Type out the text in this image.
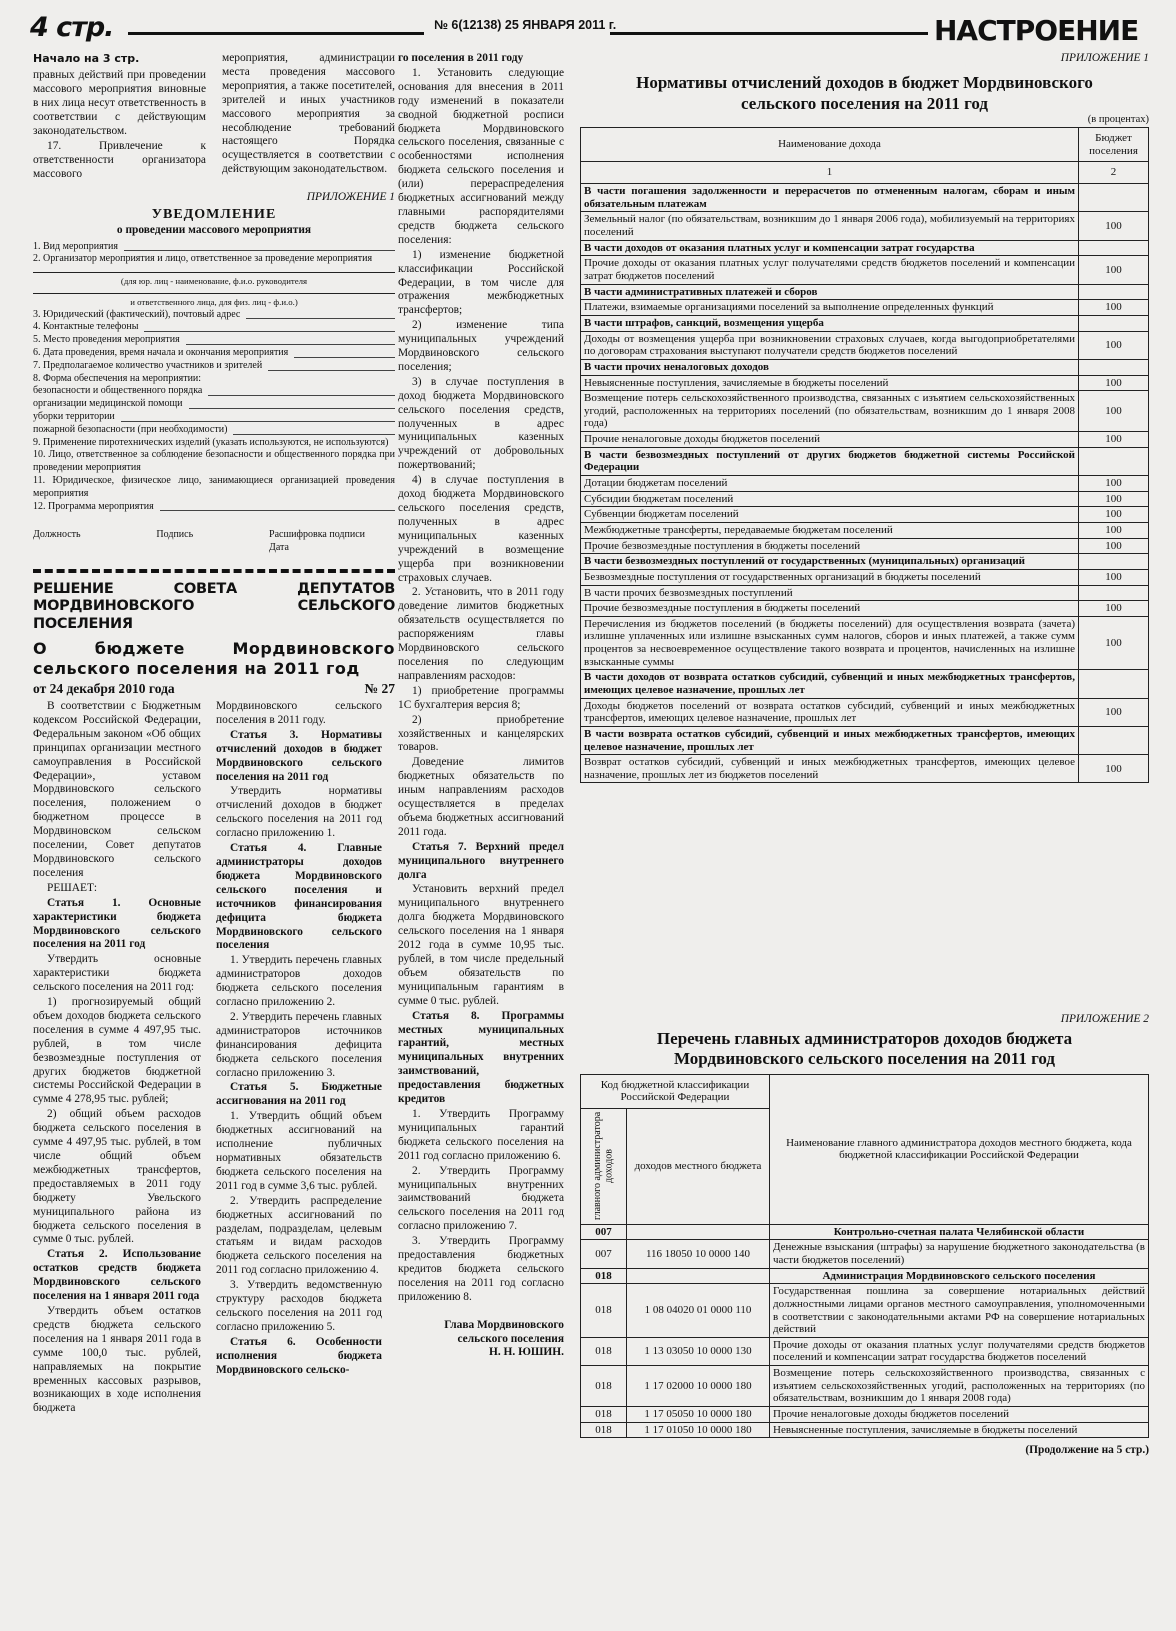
4 стр.	№ 6(12138) 25 ЯНВАРЯ 2011 г.	НАСТРОЕНИЕ

Начало на 3 стр.

правных действий при проведении массового мероприятия виновные в них лица несут ответственность в соответствии с действующим законодательством.

17. Привлечение к ответственности организатора массового

мероприятия, администрации места проведения массового мероприятия, а также посетителей, зрителей и иных участников массового мероприятия за несоблюдение требований настоящего Порядка осуществляется в соответствии с действующим законодательством.

ПРИЛОЖЕНИЕ 1

УВЕДОМЛЕНИЕ

о проведении массового мероприятия

1. Вид мероприятия
2. Организатор мероприятия и лицо, ответственное за проведение мероприятия
(для юр. лиц - наименование, ф.и.о. руководителя
и ответственного лица, для физ. лиц - ф.и.о.)
3. Юридический (фактический), почтовый адрес
4. Контактные телефоны
5. Место проведения мероприятия
6. Дата проведения, время начала и окончания мероприятия
7. Предполагаемое количество участников и зрителей
8. Форма обеспечения на мероприятии:
безопасности и общественного порядка
организации медицинской помощи
уборки территории
пожарной безопасности (при необходимости)
9. Применение пиротехнических изделий (указать используются, не используются)
10. Лицо, ответственное за соблюдение безопасности и общественного порядка при проведении мероприятия
11. Юридическое, физическое лицо, занимающиеся организацией проведения мероприятия
12. Программа мероприятия
Должность	Подпись	Расшифровка подписи
Дата
РЕШЕНИЕ СОВЕТА ДЕПУТАТОВ МОРДВИНОВСКОГО СЕЛЬСКОГО ПОСЕЛЕНИЯ
О бюджете Мордвиновского сельского поселения на 2011 год
от 24 декабря 2010 года	№ 27

В соответствии с Бюджетным кодексом Российской Федерации, Федеральным законом «Об общих принципах организации местного самоуправления в Российской Федерации», уставом Мордвиновского сельского поселения, положением о бюджетном процессе в Мордвиновском сельском поселении, Совет депутатов Мордвиновского сельского поселения

РЕШАЕТ:

Статья 1. Основные характеристики бюджета Мордвиновского сельского поселения на 2011 год

Утвердить основные характеристики бюджета сельского поселения на 2011 год:

1) прогнозируемый общий объем доходов бюджета сельского поселения в сумме 4 497,95 тыс. рублей, в том числе безвозмездные поступления от других бюджетов бюджетной системы Российской Федерации в сумме 4 278,95 тыс. рублей;

2) общий объем расходов бюджета сельского поселения в сумме 4 497,95 тыс. рублей, в том числе общий объем межбюджетных трансфертов, предоставляемых в 2011 году бюджету Увельского муниципального района из бюджета сельского поселения в сумме 0 тыс. рублей.

Статья 2. Использование остатков средств бюджета Мордвиновского сельского поселения на 1 января 2011 года

Утвердить объем остатков средств бюджета сельского поселения на 1 января 2011 года в сумме 100,0 тыс. рублей, направляемых на покрытие временных кассовых разрывов, возникающих в ходе исполнения бюджета

Мордвиновского сельского поселения в 2011 году.

Статья 3. Нормативы отчислений доходов в бюджет Мордвиновского сельского поселения на 2011 год

Утвердить нормативы отчислений доходов в бюджет сельского поселения на 2011 год согласно приложению 1.

Статья 4. Главные администраторы доходов бюджета Мордвиновского сельского поселения и источников финансирования дефицита бюджета Мордвиновского сельского поселения

1. Утвердить перечень главных администраторов доходов бюджета сельского поселения согласно приложению 2.

2. Утвердить перечень главных администраторов источников финансирования дефицита бюджета сельского поселения согласно приложению 3.

Статья 5. Бюджетные ассигнования на 2011 год

1. Утвердить общий объем бюджетных ассигнований на исполнение публичных нормативных обязательств бюджета сельского поселения на 2011 год в сумме 3,6 тыс. рублей.

2. Утвердить распределение бюджетных ассигнований по разделам, подразделам, целевым статьям и видам расходов бюджета сельского поселения на 2011 год согласно приложению 4.

3. Утвердить ведомственную структуру расходов бюджета сельского поселения на 2011 год согласно приложению 5.

Статья 6. Особенности исполнения бюджета Мордвиновского сельско-

го поселения в 2011 году

1. Установить следующие основания для внесения в 2011 году изменений в показатели сводной бюджетной росписи бюджета Мордвиновского сельского поселения, связанные с особенностями исполнения бюджета сельского поселения и (или) перераспределения бюджетных ассигнований между главными распорядителями средств бюджета сельского поселения:

1) изменение бюджетной классификации Российской Федерации, в том числе для отражения межбюджетных трансфертов;

2) изменение типа муниципальных учреждений Мордвиновского сельского поселения;

3) в случае поступления в доход бюджета Мордвиновского сельского поселения средств, полученных в адрес муниципальных казенных учреждений от добровольных пожертвований;

4) в случае поступления в доход бюджета Мордвиновского сельского поселения средств, полученных в адрес муниципальных казенных учреждений в возмещение ущерба при возникновении страховых случаев.

2. Установить, что в 2011 году доведение лимитов бюджетных обязательств осуществляется по распоряжениям главы Мордвиновского сельского поселения по следующим направлениям расходов:

1) приобретение программы 1С бухгалтерия версия 8;

2) приобретение хозяйственных и канцелярских товаров.

Доведение лимитов бюджетных обязательств по иным направлениям расходов осуществляется в пределах объема бюджетных ассигнований 2011 года.

Статья 7. Верхний предел муниципального внутреннего долга

Установить верхний предел муниципального внутреннего долга бюджета Мордвиновского сельского поселения на 1 января 2012 года в сумме 10,95 тыс. рублей, в том числе предельный объем обязательств по муниципальным гарантиям в сумме 0 тыс. рублей.

Статья 8. Программы местных муниципальных гарантий, местных муниципальных внутренних заимствований, предоставления бюджетных кредитов

1. Утвердить Программу муниципальных гарантий бюджета сельского поселения на 2011 год согласно приложению 6.

2. Утвердить Программу муниципальных внутренних заимствований бюджета сельского поселения на 2011 год согласно приложению 7.

3. Утвердить Программу предоставления бюджетных кредитов бюджета сельского поселения на 2011 год согласно приложению 8.

Глава Мордвиновского
сельского поселения
Н. Н. ЮШИН.

ПРИЛОЖЕНИЕ 1

Нормативы отчислений доходов в бюджет Мордвиновского сельского поселения на 2011 год

(в процентах)

Наименование дохода	Бюджет поселения
1	2
В части погашения задолженности и перерасчетов по отмененным налогам, сборам и иным обязательным платежам	
Земельный налог (по обязательствам, возникшим до 1 января 2006 года), мобилизуемый на территориях поселений	100
В части доходов от оказания платных услуг и компенсации затрат государства	
Прочие доходы от оказания платных услуг получателями средств бюджетов поселений и компенсации затрат бюджетов поселений	100
В части административных платежей и сборов	
Платежи, взимаемые организациями поселений за выполнение определенных функций	100
В части штрафов, санкций, возмещения ущерба	
Доходы от возмещения ущерба при возникновении страховых случаев, когда выгодоприобретателями по договорам страхования выступают получатели средств бюджетов поселений	100
В части прочих неналоговых доходов	
Невыясненные поступления, зачисляемые в бюджеты поселений	100
Возмещение потерь сельскохозяйственного производства, связанных с изъятием сельскохозяйственных угодий, расположенных на территориях поселений (по обязательствам, возникшим до 1 января 2008 года)	100
Прочие неналоговые доходы бюджетов поселений	100
В части безвозмездных поступлений от других бюджетов бюджетной системы Российской Федерации	
Дотации бюджетам поселений	100
Субсидии бюджетам поселений	100
Субвенции бюджетам поселений	100
Межбюджетные трансферты, передаваемые бюджетам поселений	100
Прочие безвозмездные поступления в бюджеты поселений	100
В части безвозмездных поступлений от государственных (муниципальных) организаций	
Безвозмездные поступления от государственных организаций в бюджеты поселений	100
В части прочих безвозмездных поступлений	
Прочие безвозмездные поступления в бюджеты поселений	100
Перечисления из бюджетов поселений (в бюджеты поселений) для осуществления возврата (зачета) излишне уплаченных или излишне взысканных сумм налогов, сборов и иных платежей, а также сумм процентов за несвоевременное осуществление такого возврата и процентов, начисленных на излишне взысканные суммы	100
В части доходов от возврата остатков субсидий, субвенций и иных межбюджетных трансфертов, имеющих целевое назначение, прошлых лет	
Доходы бюджетов поселений от возврата остатков субсидий, субвенций и иных межбюджетных трансфертов, имеющих целевое назначение, прошлых лет	100
В части возврата остатков субсидий, субвенций и иных межбюджетных трансфертов, имеющих целевое назначение, прошлых лет	
Возврат остатков субсидий, субвенций и иных межбюджетных трансфертов, имеющих целевое назначение, прошлых лет из бюджетов поселений	100

ПРИЛОЖЕНИЕ 2

Перечень главных администраторов доходов бюджета Мордвиновского сельского поселения на 2011 год

Код бюджетной классификации Российской Федерации		Наименование главного администратора доходов местного бюджета, кода бюджетной классификации Российской Федерации

главного администратора доходов	доходов местного бюджета	
007		Контрольно-счетная палата Челябинской области
007	116 18050 10 0000 140	Денежные взыскания (штрафы) за нарушение бюджетного законодательства (в части бюджетов поселений)
018		Администрация Мордвиновского сельского поселения
018	1 08 04020 01 0000 110	Государственная пошлина за совершение нотариальных действий должностными лицами органов местного самоуправления, уполномоченными в соответствии с законодательными актами РФ на совершение нотариальных действий
018	1 13 03050 10 0000 130	Прочие доходы от оказания платных услуг получателями средств бюджетов поселений и компенсации затрат государства бюджетов поселений
018	1 17 02000 10 0000 180	Возмещение потерь сельскохозяйственного производства, связанных с изъятием сельскохозяйственных угодий, расположенных на территориях (по обязательствам, возникшим до 1 января 2008 года)
018	1 17 05050 10 0000 180	Прочие неналоговые доходы бюджетов поселений
018	1 17 01050 10 0000 180	Невыясненные поступления, зачисляемые в бюджеты поселений

(Продолжение на 5 стр.)
